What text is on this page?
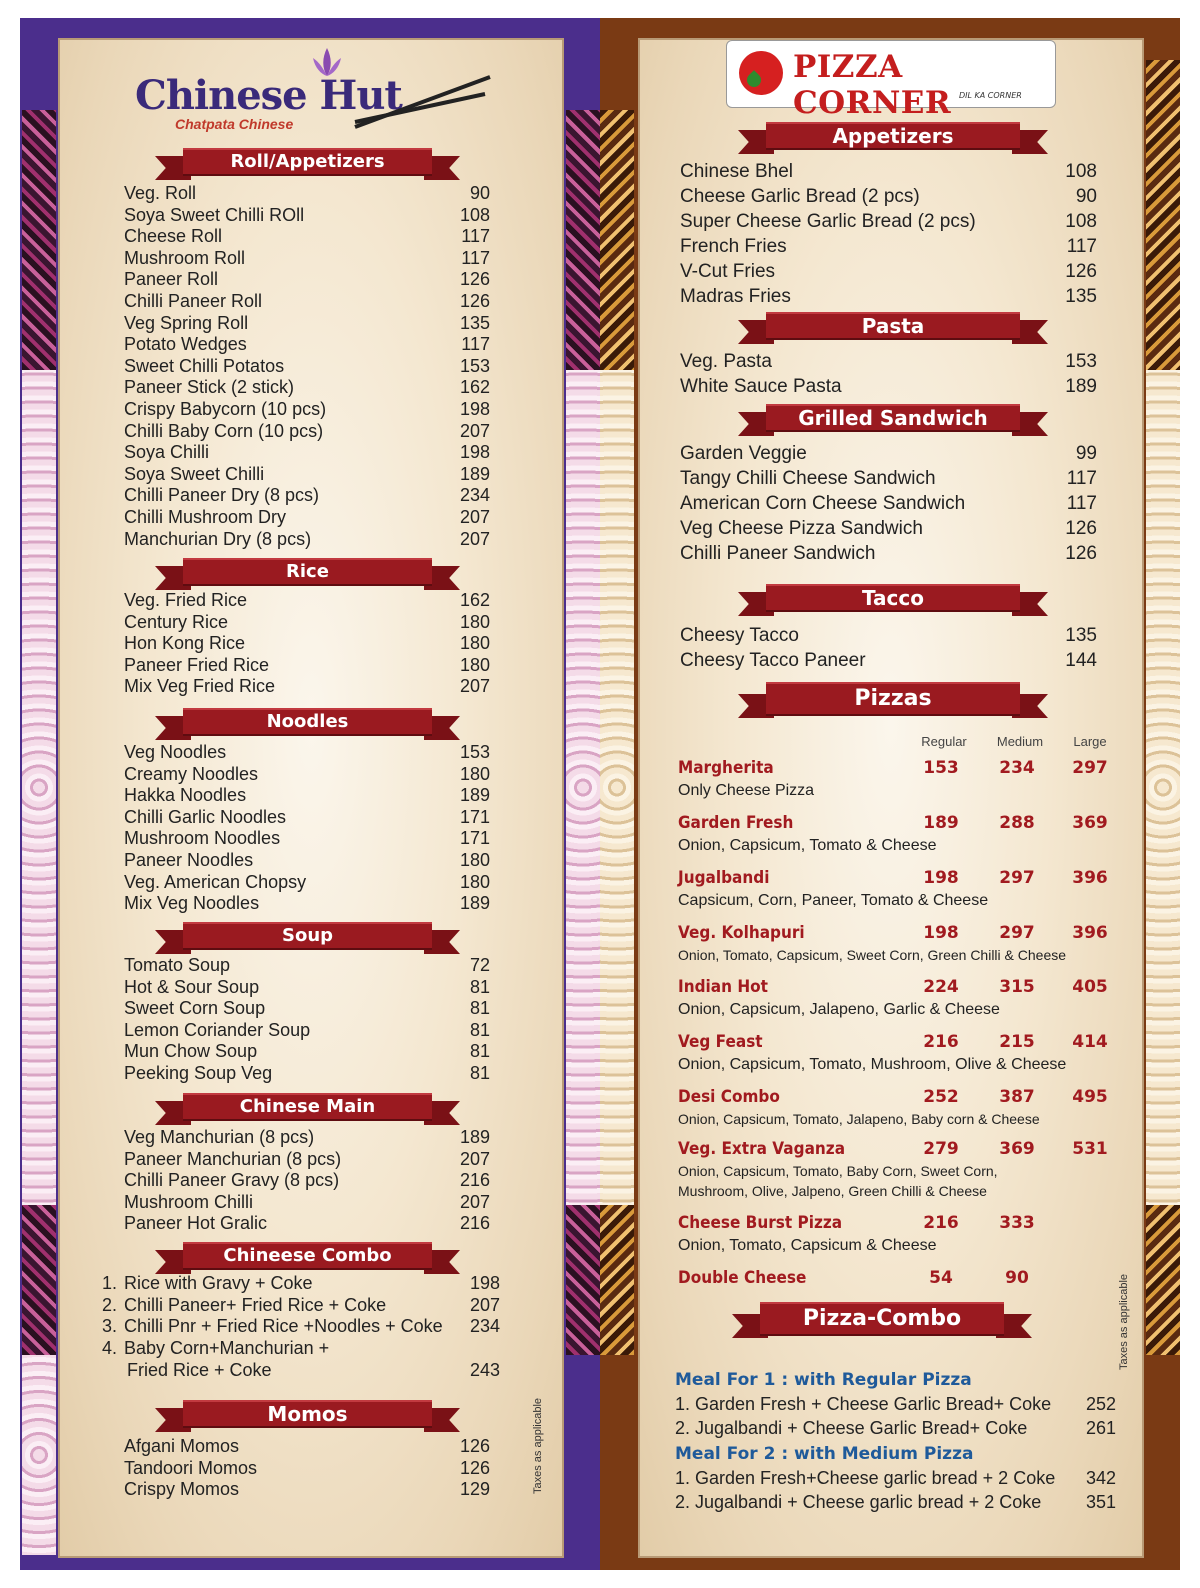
Chinese Hut
Chatpata Chinese
PIZZA CORNER DIL KA CORNER
Roll/Appetizers
Rice
Noodles
Soup
Chinese Main
Chineese Combo
Momos	Taxes as applicable
Appetizers
Pasta
Grilled Sandwich
Tacco
Pizzas
Regular	Medium	Large
Pizza-Combo
Meal For 1 : with Regular Pizza
1. Garden Fresh + Cheese Garlic Bread+ Coke	252
2. Jugalbandi + Cheese Garlic Bread+ Coke	261
Meal For 2 : with Medium Pizza
1. Garden Fresh+Cheese garlic bread + 2 Coke	342
2. Jugalbandi + Cheese garlic bread + 2 Coke	351
Taxes as applicable
Veg. Roll	90
Soya Sweet Chilli ROll	108
Cheese Roll	117
Mushroom Roll	117
Paneer Roll	126
Chilli Paneer Roll	126
Veg Spring Roll	135
Potato Wedges	117
Sweet Chilli Potatos	153
Paneer Stick (2 stick)	162
Crispy Babycorn (10 pcs)	198
Chilli Baby Corn (10 pcs)	207
Soya Chilli	198
Soya Sweet Chilli	189
Chilli Paneer Dry (8 pcs)	234
Chilli Mushroom Dry	207
Manchurian Dry (8 pcs)	207
Veg. Fried Rice	162
Century Rice	180
Hon Kong Rice	180
Paneer Fried Rice	180
Mix Veg Fried Rice	207
Veg Noodles	153
Creamy Noodles	180
Hakka Noodles	189
Chilli Garlic Noodles	171
Mushroom Noodles	171
Paneer Noodles	180
Veg. American Chopsy	180
Mix Veg Noodles	189
Tomato Soup	72
Hot & Sour Soup	81
Sweet Corn Soup	81
Lemon Coriander Soup	81
Mun Chow Soup	81
Peeking Soup Veg	81
Veg Manchurian (8 pcs)	189
Paneer Manchurian (8 pcs)	207
Chilli Paneer Gravy (8 pcs)	216
Mushroom Chilli	207
Paneer Hot Gralic	216
Afgani Momos	126
Tandoori Momos	126
Crispy Momos	129
1. Rice with Gravy + Coke	198
2. Chilli Paneer+ Fried Rice + Coke	207
3. Chilli Pnr + Fried Rice +Noodles + Coke	234
4. Baby Corn+Manchurian +
Fried Rice + Coke	243
Chinese Bhel	108
Cheese Garlic Bread (2 pcs)	90
Super Cheese Garlic Bread (2 pcs)	108
French Fries	117
V-Cut Fries	126
Madras Fries	135
Veg. Pasta	153
White Sauce Pasta	189
Garden Veggie	99
Tangy Chilli Cheese Sandwich	117
American Corn Cheese Sandwich	117
Veg Cheese Pizza Sandwich	126
Chilli Paneer Sandwich	126
Cheesy Tacco	135
Cheesy Tacco Paneer	144
Margherita	153	234	297
Only Cheese Pizza
Garden Fresh	189	288	369
Onion, Capsicum, Tomato & Cheese
Jugalbandi	198	297	396
Capsicum, Corn, Paneer, Tomato & Cheese
Veg. Kolhapuri	198	297	396
Onion, Tomato, Capsicum, Sweet Corn, Green Chilli & Cheese
Indian Hot	224	315	405
Onion, Capsicum, Jalapeno, Garlic & Cheese
Veg Feast	216	215	414
Onion, Capsicum, Tomato, Mushroom, Olive & Cheese
Desi Combo	252	387	495
Onion, Capsicum, Tomato, Jalapeno, Baby corn & Cheese
Veg. Extra Vaganza	279	369	531
Onion, Capsicum, Tomato, Baby Corn, Sweet Corn,
Mushroom, Olive, Jalpeno, Green Chilli & Cheese
Cheese Burst Pizza	216	333
Onion, Tomato, Capsicum & Cheese
Double Cheese	54	90
